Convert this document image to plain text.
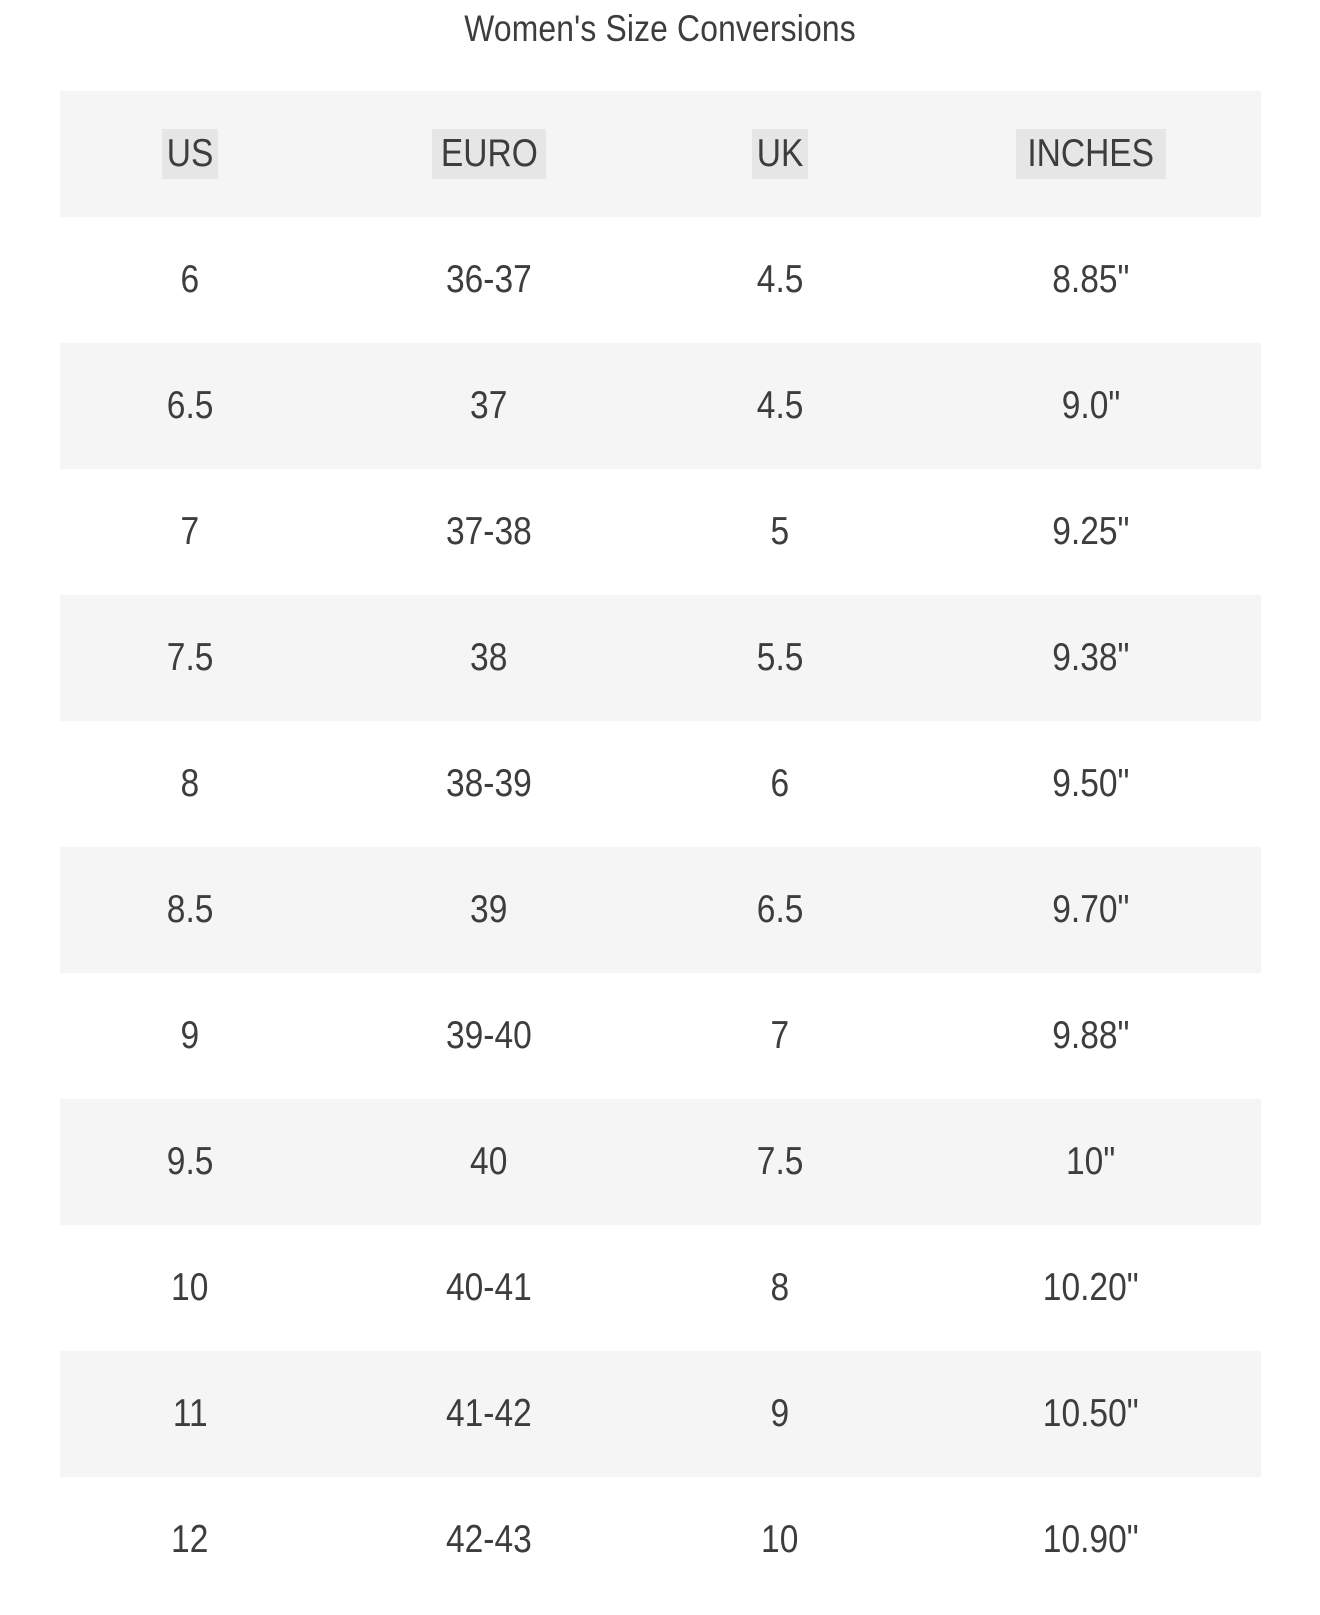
Women's Size Conversions
US	EURO	UK	INCHES
6	36-37	4.5	8.85"
6.5	37	4.5	9.0"
7	37-38	5	9.25"
7.5	38	5.5	9.38"
8	38-39	6	9.50"
8.5	39	6.5	9.70"
9	39-40	7	9.88"
9.5	40	7.5	10"
10	40-41	8	10.20"
11	41-42	9	10.50"
12	42-43	10	10.90"
